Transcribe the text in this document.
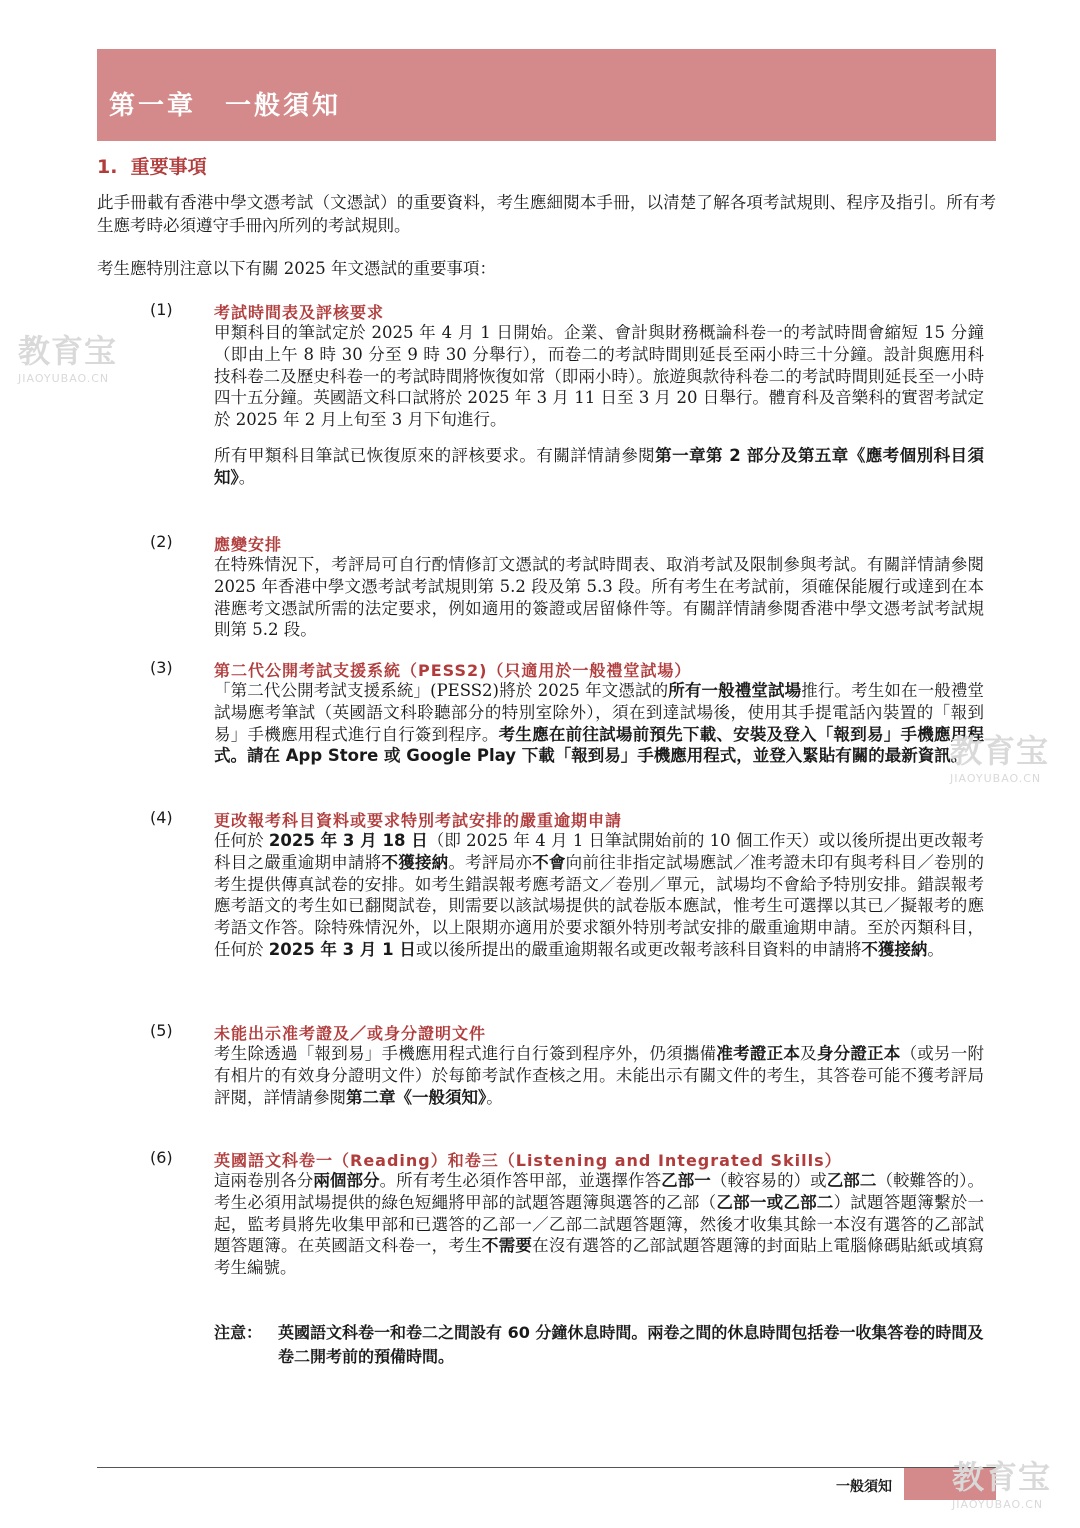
第一章　一般須知
1.  重要事項
此手冊載有香港中學文憑考試（文憑試）的重要資料，考生應細閱本手冊，以清楚了解各項考試規則、程序及指引。所有考生應考時必須遵守手冊內所列的考試規則。
考生應特別注意以下有關 2025 年文憑試的重要事項：
(1)	考試時間表及評核要求

甲類科目的筆試定於 2025 年 4 月 1 日開始。企業、會計與財務概論科卷一的考試時間會縮短 15 分鐘（即由上午 8 時 30 分至 9 時 30 分舉行），而卷二的考試時間則延長至兩小時三十分鐘。設計與應用科技科卷二及歷史科卷一的考試時間將恢復如常（即兩小時）。旅遊與款待科卷二的考試時間則延長至一小時四十五分鐘。英國語文科口試將於 2025 年 3 月 11 日至 3 月 20 日舉行。體育科及音樂科的實習考試定於 2025 年 2 月上旬至 3 月下旬進行。

所有甲類科目筆試已恢復原來的評核要求。有關詳情請參閱第一章第 2 部分及第五章《應考個別科目須知》。

(2)	應變安排

在特殊情況下，考評局可自行酌情修訂文憑試的考試時間表、取消考試及限制參與考試。有關詳情請參閱 2025 年香港中學文憑考試考試規則第 5.2 段及第 5.3 段。所有考生在考試前，須確保能履行或達到在本港應考文憑試所需的法定要求，例如適用的簽證或居留條件等。有關詳情請參閱香港中學文憑考試考試規則第 5.2 段。

(3)	第二代公開考試支援系統（PESS2)（只適用於一般禮堂試場）

「第二代公開考試支援系統」(PESS2)將於 2025 年文憑試的所有一般禮堂試場推行。考生如在一般禮堂試場應考筆試（英國語文科聆聽部分的特別室除外），須在到達試場後，使用其手提電話內裝置的「報到易」手機應用程式進行自行簽到程序。考生應在前往試場前預先下載、安裝及登入「報到易」手機應用程式。請在 App Store 或 Google Play 下載「報到易」手機應用程式，並登入緊貼有關的最新資訊。

(4)	更改報考科目資料或要求特別考試安排的嚴重逾期申請

任何於 2025 年 3 月 18 日（即 2025 年 4 月 1 日筆試開始前的 10 個工作天）或以後所提出更改報考科目之嚴重逾期申請將不獲接納。考評局亦不會向前往非指定試場應試／准考證未印有與考科目／卷別的考生提供傳真試卷的安排。如考生錯誤報考應考語文／卷別／單元，試場均不會給予特別安排。錯誤報考應考語文的考生如已翻閱試卷，則需要以該試場提供的試卷版本應試，惟考生可選擇以其已／擬報考的應考語文作答。除特殊情況外，以上限期亦適用於要求額外特別考試安排的嚴重逾期申請。至於丙類科目，任何於 2025 年 3 月 1 日或以後所提出的嚴重逾期報名或更改報考該科目資料的申請將不獲接納。

(5)	未能出示准考證及／或身分證明文件

考生除透過「報到易」手機應用程式進行自行簽到程序外，仍須攜備准考證正本及身分證正本（或另一附有相片的有效身分證明文件）於每節考試作查核之用。未能出示有關文件的考生，其答卷可能不獲考評局評閱，詳情請參閱第二章《一般須知》。

(6)	英國語文科卷一（Reading）和卷三（Listening and Integrated Skills）

這兩卷別各分兩個部分。所有考生必須作答甲部，並選擇作答乙部一（較容易的）或乙部二（較難答的）。考生必須用試場提供的綠色短繩將甲部的試題答題簿與選答的乙部（乙部一或乙部二）試題答題簿繫於一起，監考員將先收集甲部和已選答的乙部一／乙部二試題答題簿，然後才收集其餘一本沒有選答的乙部試題答題簿。在英國語文科卷一，考生不需要在沒有選答的乙部試題答題簿的封面貼上電腦條碼貼紙或填寫考生編號。

注意： 英國語文科卷一和卷二之間設有 60 分鐘休息時間。兩卷之間的休息時間包括卷一收集答卷的時間及卷二開考前的預備時間。
一般須知
教育宝
JIAOYUBAO.CN
教育宝
JIAOYUBAO.CN
教育宝
JIAOYUBAO.CN
